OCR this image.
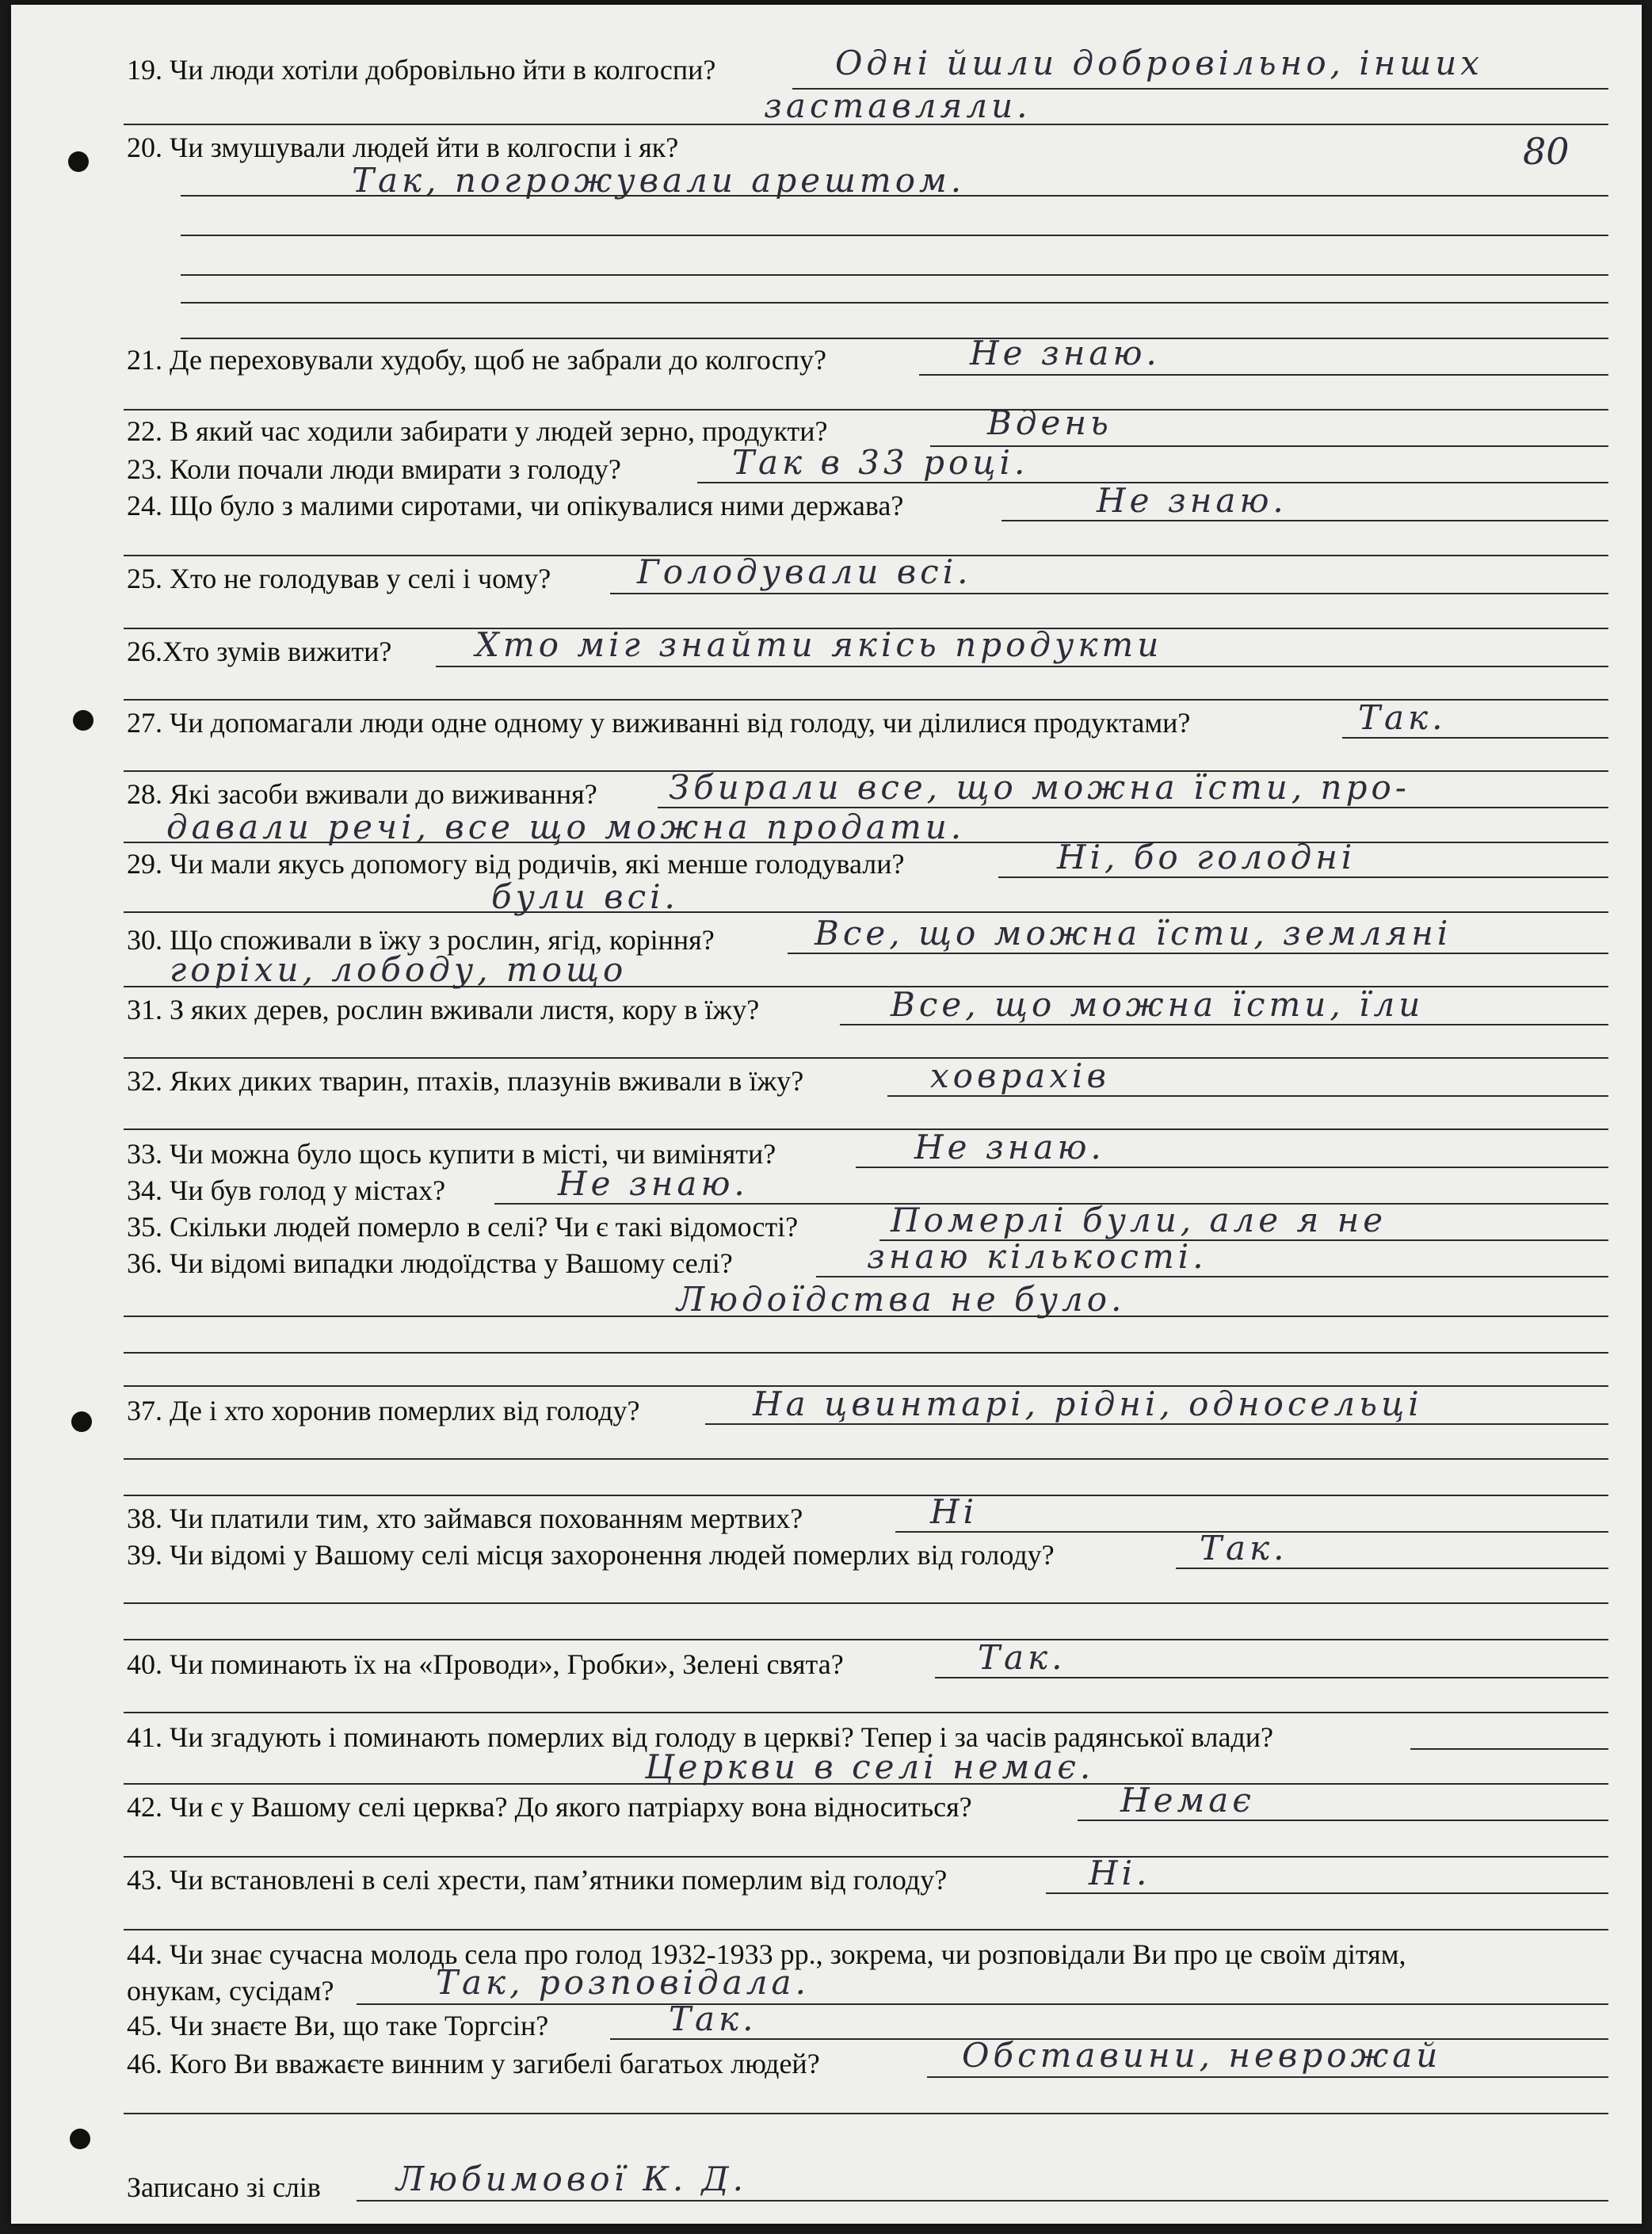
80
19. Чи люди хотіли добровільно йти в колгоспи?	Одні йшли добровільно, інших
заставляли.
20. Чи змушували людей йти в колгоспи і як?
Так, погрожували арештом.
21. Де переховували худобу, щоб не забрали до колгоспу?	Не знаю.
22. В який час ходили забирати у людей зерно, продукти?	Вдень
23. Коли почали люди вмирати з голоду?	Так в 33 році.
24. Що було з малими сиротами, чи опікувалися ними держава?	Не знаю.
25. Хто не голодував у селі і чому?	Голодували всі.
26.Хто зумів вижити?	Хто міг знайти якісь продукти
27. Чи допомагали люди одне одному у виживанні від голоду, чи ділилися продуктами?	Так.
28. Які засоби вживали до виживання? Збирали все, що можна їсти, про-
давали речі, все що можна продати.
29. Чи мали якусь допомогу від родичів, які менше голодували?	Ні, бо голодні
були всі.
30. Що споживали в їжу з рослин, ягід, коріння?	Все, що можна їсти, земляні
горіхи, лободу, тощо
31. З яких дерев, рослин вживали листя, кору в їжу?	Все, що можна їсти, їли
32. Яких диких тварин, птахів, плазунів вживали в їжу?	ховрахів
33. Чи можна було щось купити в місті, чи виміняти?	Не знаю.
34. Чи був голод у містах?	Не знаю.
35. Скільки людей померло в селі? Чи є такі відомості?	Померлі були, але я не
36. Чи відомі випадки людоїдства у Вашому селі?	знаю кількості.
Людоїдства не було.
37. Де і хто хоронив померлих від голоду?	На цвинтарі, рідні, односельці
38. Чи платили тим, хто займався похованням мертвих?	Ні
39. Чи відомі у Вашому селі місця захоронення людей померлих від голоду?	Так.
40. Чи поминають їх на «Проводи», Гробки», Зелені свята?	Так.
41. Чи згадують і поминають померлих від голоду в церкві? Тепер і за часів радянської влади?
Церкви в селі немає.
42. Чи є у Вашому селі церква? До якого патріарху вона відноситься?	Немає
43. Чи встановлені в селі хрести, пам’ятники померлим від голоду?	Ні.
44. Чи знає сучасна молодь села про голод 1932-1933 рр., зокрема, чи розповідали Ви про це своїм дітям,
онукам, сусідам?	Так, розповідала.
45. Чи знаєте Ви, що таке Торгсін?	Так.
46. Кого Ви вважаєте винним у загибелі багатьох людей?	Обставини, неврожай
Записано зі слів Любимової К. Д.
